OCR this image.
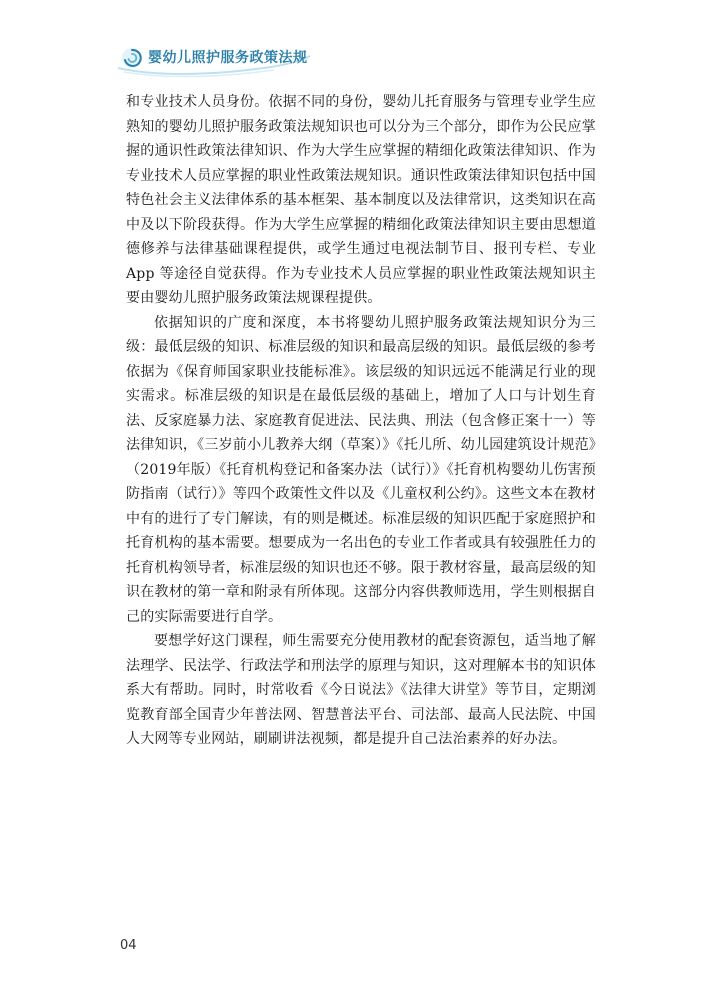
婴幼儿照护服务政策法规

和专业技术人员身份。依据不同的身份，婴幼儿托育服务与管理专业学生应熟知的婴幼儿照护服务政策法规知识也可以分为三个部分，即作为公民应掌握的通识性政策法律知识、作为大学生应掌握的精细化政策法律知识、作为专业技术人员应掌握的职业性政策法规知识。通识性政策法律知识包括中国特色社会主义法律体系的基本框架、基本制度以及法律常识，这类知识在高中及以下阶段获得。作为大学生应掌握的精细化政策法律知识主要由思想道德修养与法律基础课程提供，或学生通过电视法制节目、报刊专栏、专业 App 等途径自觉获得。作为专业技术人员应掌握的职业性政策法规知识主要由婴幼儿照护服务政策法规课程提供。

依据知识的广度和深度，本书将婴幼儿照护服务政策法规知识分为三级：最低层级的知识、标准层级的知识和最高层级的知识。最低层级的参考依据为《保育师国家职业技能标准》。该层级的知识远远不能满足行业的现实需求。标准层级的知识是在最低层级的基础上，增加了人口与计划生育法、反家庭暴力法、家庭教育促进法、民法典、刑法（包含修正案十一）等法律知识，《三岁前小儿教养大纲（草案）》《托儿所、幼儿园建筑设计规范》（2019年版）《托育机构登记和备案办法（试行）》《托育机构婴幼儿伤害预防指南（试行）》等四个政策性文件以及《儿童权利公约》。这些文本在教材中有的进行了专门解读，有的则是概述。标准层级的知识匹配于家庭照护和托育机构的基本需要。想要成为一名出色的专业工作者或具有较强胜任力的托育机构领导者，标准层级的知识也还不够。限于教材容量，最高层级的知识在教材的第一章和附录有所体现。这部分内容供教师选用，学生则根据自己的实际需要进行自学。

要想学好这门课程，师生需要充分使用教材的配套资源包，适当地了解法理学、民法学、行政法学和刑法学的原理与知识，这对理解本书的知识体系大有帮助。同时，时常收看《今日说法》《法律大讲堂》等节目，定期浏览教育部全国青少年普法网、智慧普法平台、司法部、最高人民法院、中国人大网等专业网站，刷刷讲法视频，都是提升自己法治素养的好办法。

04
